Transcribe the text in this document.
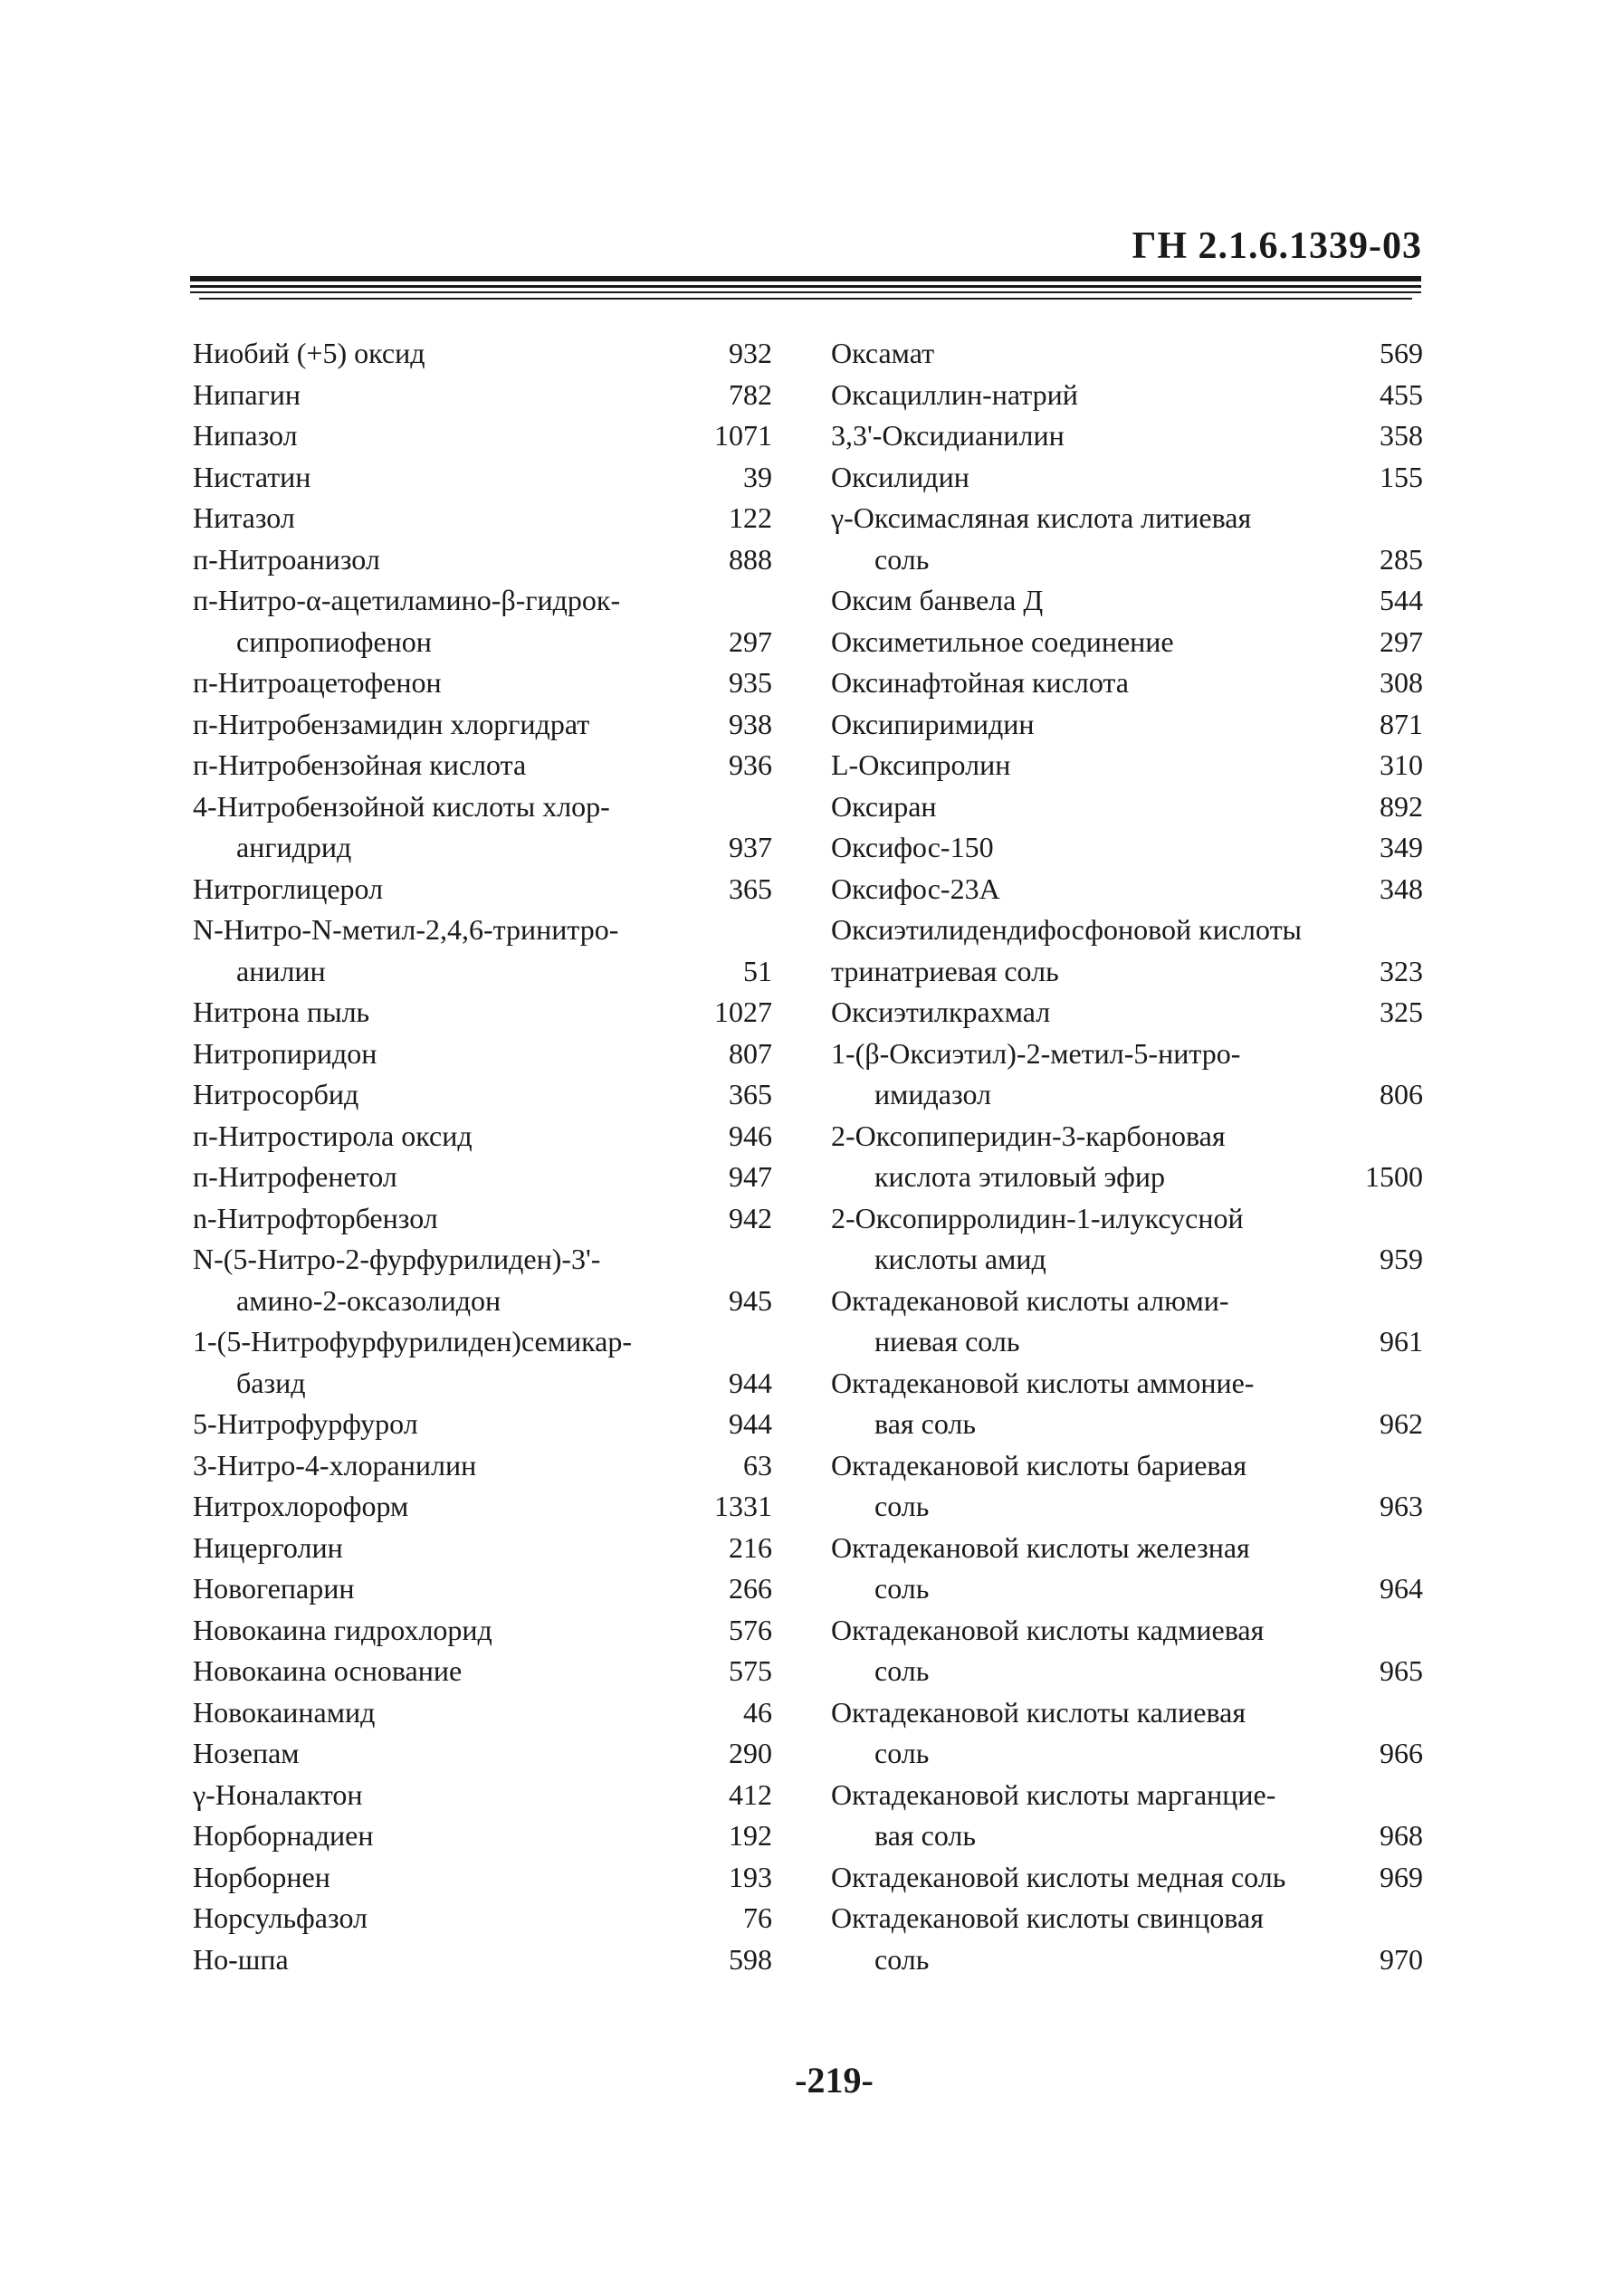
ГН 2.1.6.1339-03
Ниобий (+5) оксид	932
Нипагин	782
Нипазол	1071
Нистатин	39
Нитазол	122
п-Нитроанизол	888
п-Нитро-α-ацетиламино-β-гидрок-
сипропиофенон	297
п-Нитроацетофенон	935
п-Нитробензамидин хлоргидрат	938
п-Нитробензойная кислота	936
4-Нитробензойной кислоты хлор-
ангидрид	937
Нитроглицерол	365
N-Нитро-N-метил-2,4,6-тринитро-
анилин	51
Нитрона пыль	1027
Нитропиридон	807
Нитросорбид	365
п-Нитростирола оксид	946
п-Нитрофенетол	947
n-Нитрофторбензол	942
N-(5-Нитро-2-фурфурилиден)-3'-
амино-2-оксазолидон	945
1-(5-Нитрофурфурилиден)семикар-
базид	944
5-Нитрофурфурол	944
3-Нитро-4-хлоранилин	63
Нитрохлороформ	1331
Ницерголин	216
Новогепарин	266
Новокаина гидрохлорид	576
Новокаина основание	575
Новокаинамид	46
Нозепам	290
γ-Ноналактон	412
Норборнадиен	192
Норборнен	193
Норсульфазол	76
Но-шпа	598
Оксамат	569
Оксациллин-натрий	455
3,3'-Оксидианилин	358
Оксилидин	155
γ-Оксимасляная кислота литиевая
соль	285
Оксим банвела Д	544
Оксиметильное соединение	297
Оксинафтойная кислота	308
Оксипиримидин	871
L-Оксипролин	310
Оксиран	892
Оксифос-150	349
Оксифос-23А	348
Оксиэтилидендифосфоновой кислоты
тринатриевая соль	323
Оксиэтилкрахмал	325
1-(β-Оксиэтил)-2-метил-5-нитро-
имидазол	806
2-Оксопиперидин-3-карбоновая
кислота этиловый эфир	1500
2-Оксопирролидин-1-илуксусной
кислоты амид	959
Октадекановой кислоты алюми-
ниевая соль	961
Октадекановой кислоты аммоние-
вая соль	962
Октадекановой кислоты бариевая
соль	963
Октадекановой кислоты железная
соль	964
Октадекановой кислоты кадмиевая
соль	965
Октадекановой кислоты калиевая
соль	966
Октадекановой кислоты марганцие-
вая соль	968
Октадекановой кислоты медная соль	969
Октадекановой кислоты свинцовая
соль	970
-219-
